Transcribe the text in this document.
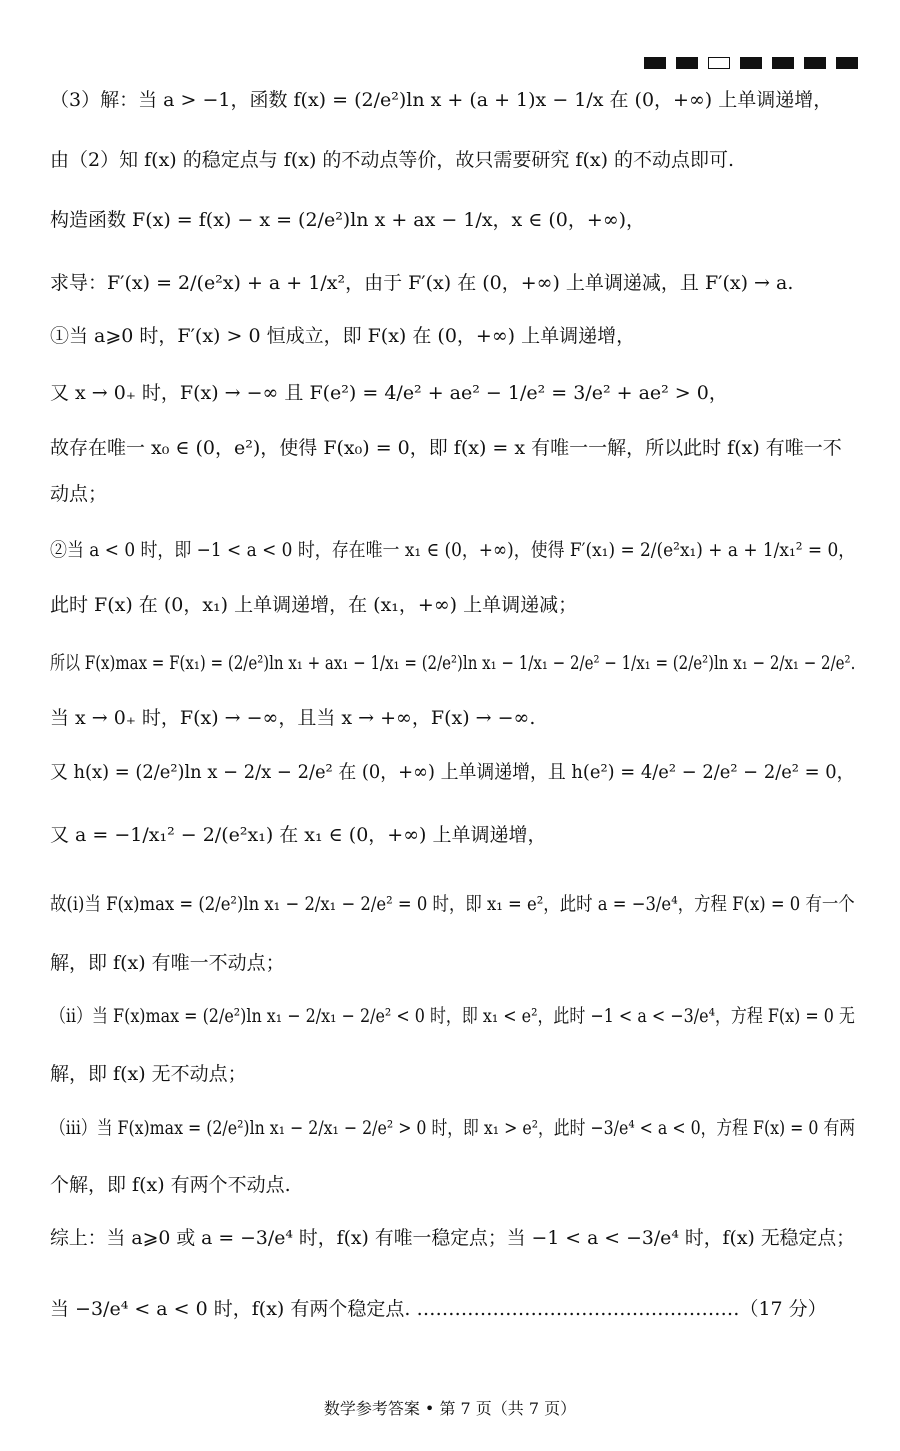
（3）解：当 a > −1，函数 f(x) = (2/e²)ln x + (a + 1)x − 1/x 在 (0，+∞) 上单调递增，
由（2）知 f(x) 的稳定点与 f(x) 的不动点等价，故只需要研究 f(x) 的不动点即可.
构造函数 F(x) = f(x) − x = (2/e²)ln x + ax − 1/x，x ∈ (0，+∞)，
求导：F′(x) = 2/(e²x) + a + 1/x²，由于 F′(x) 在 (0，+∞) 上单调递减，且 F′(x) → a.
①当 a⩾0 时，F′(x) > 0 恒成立，即 F(x) 在 (0，+∞) 上单调递增，
又 x → 0₊ 时，F(x) → −∞ 且 F(e²) = 4/e² + ae² − 1/e² = 3/e² + ae² > 0，
故存在唯一 x₀ ∈ (0，e²)，使得 F(x₀) = 0，即 f(x) = x 有唯一一解，所以此时 f(x) 有唯一不
动点；
②当 a < 0 时，即 −1 < a < 0 时，存在唯一 x₁ ∈ (0，+∞)，使得 F′(x₁) = 2/(e²x₁) + a + 1/x₁² = 0，
此时 F(x) 在 (0，x₁) 上单调递增，在 (x₁，+∞) 上单调递减；
所以 F(x)max = F(x₁) = (2/e²)ln x₁ + ax₁ − 1/x₁ = (2/e²)ln x₁ − 1/x₁ − 2/e² − 1/x₁ = (2/e²)ln x₁ − 2/x₁ − 2/e².
当 x → 0₊ 时，F(x) → −∞，且当 x → +∞，F(x) → −∞.
又 h(x) = (2/e²)ln x − 2/x − 2/e² 在 (0，+∞) 上单调递增，且 h(e²) = 4/e² − 2/e² − 2/e² = 0，
又 a = −1/x₁² − 2/(e²x₁) 在 x₁ ∈ (0，+∞) 上单调递增，
故(ⅰ)当 F(x)max = (2/e²)ln x₁ − 2/x₁ − 2/e² = 0 时，即 x₁ = e²，此时 a = −3/e⁴，方程 F(x) = 0 有一个
解，即 f(x) 有唯一不动点；
（ⅱ）当 F(x)max = (2/e²)ln x₁ − 2/x₁ − 2/e² < 0 时，即 x₁ < e²，此时 −1 < a < −3/e⁴，方程 F(x) = 0 无
解，即 f(x) 无不动点；
（ⅲ）当 F(x)max = (2/e²)ln x₁ − 2/x₁ − 2/e² > 0 时，即 x₁ > e²，此时 −3/e⁴ < a < 0，方程 F(x) = 0 有两
个解，即 f(x) 有两个不动点.
综上：当 a⩾0 或 a = −3/e⁴ 时，f(x) 有唯一稳定点；当 −1 < a < −3/e⁴ 时，f(x) 无稳定点；
当 −3/e⁴ < a < 0 时，f(x) 有两个稳定点. ……………………………………………（17 分）
数学参考答案 • 第 7 页（共 7 页）
